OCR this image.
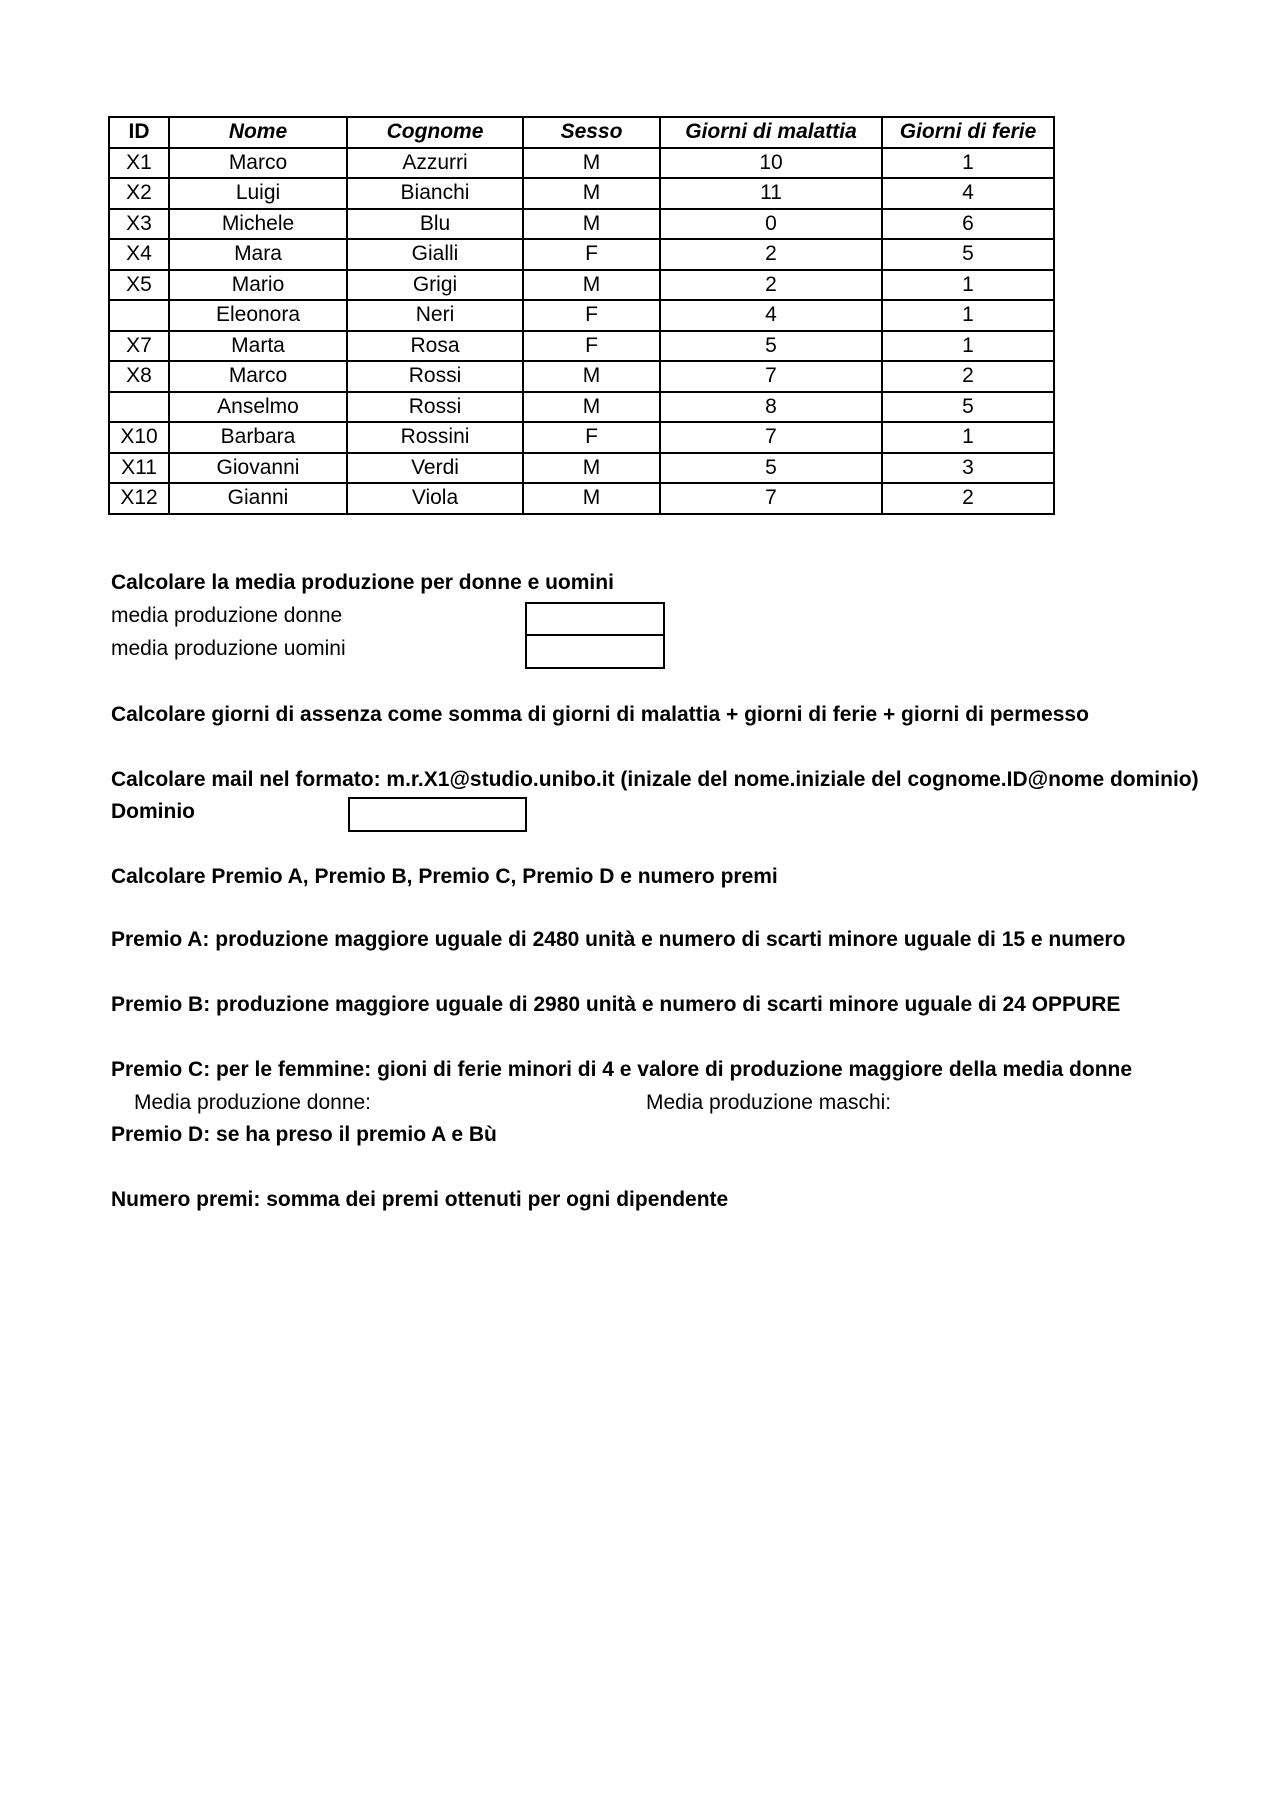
ID	Nome	Cognome	Sesso	Giorni di malattia	Giorni di ferie
X1	Marco	Azzurri	M	10	1
X2	Luigi	Bianchi	M	11	4
X3	Michele	Blu	M	0	6
X4	Mara	Gialli	F	2	5
X5	Mario	Grigi	M	2	1
	Eleonora	Neri	F	4	1
X7	Marta	Rosa	F	5	1
X8	Marco	Rossi	M	7	2
	Anselmo	Rossi	M	8	5
X10	Barbara	Rossini	F	7	1
X11	Giovanni	Verdi	M	5	3
X12	Gianni	Viola	M	7	2
Calcolare la media produzione per donne e uomini
media produzione donne
media produzione uomini
Calcolare giorni di assenza come somma di giorni di malattia + giorni di ferie + giorni di permesso
Calcolare mail nel formato: m.r.X1@studio.unibo.it (inizale del nome.iniziale del cognome.ID@nome dominio)
Dominio
Calcolare Premio A, Premio B, Premio C, Premio D e numero premi
Premio A: produzione maggiore uguale di 2480 unità e numero di scarti minore uguale di 15 e numero
Premio B: produzione maggiore uguale di 2980 unità e numero di scarti minore uguale di 24 OPPURE
Premio C: per le femmine: gioni di ferie minori di 4 e valore di produzione maggiore della media donne
Media produzione donne:	Media produzione maschi:
Premio D: se ha preso il premio A e Bù
Numero premi: somma dei premi ottenuti per ogni dipendente
